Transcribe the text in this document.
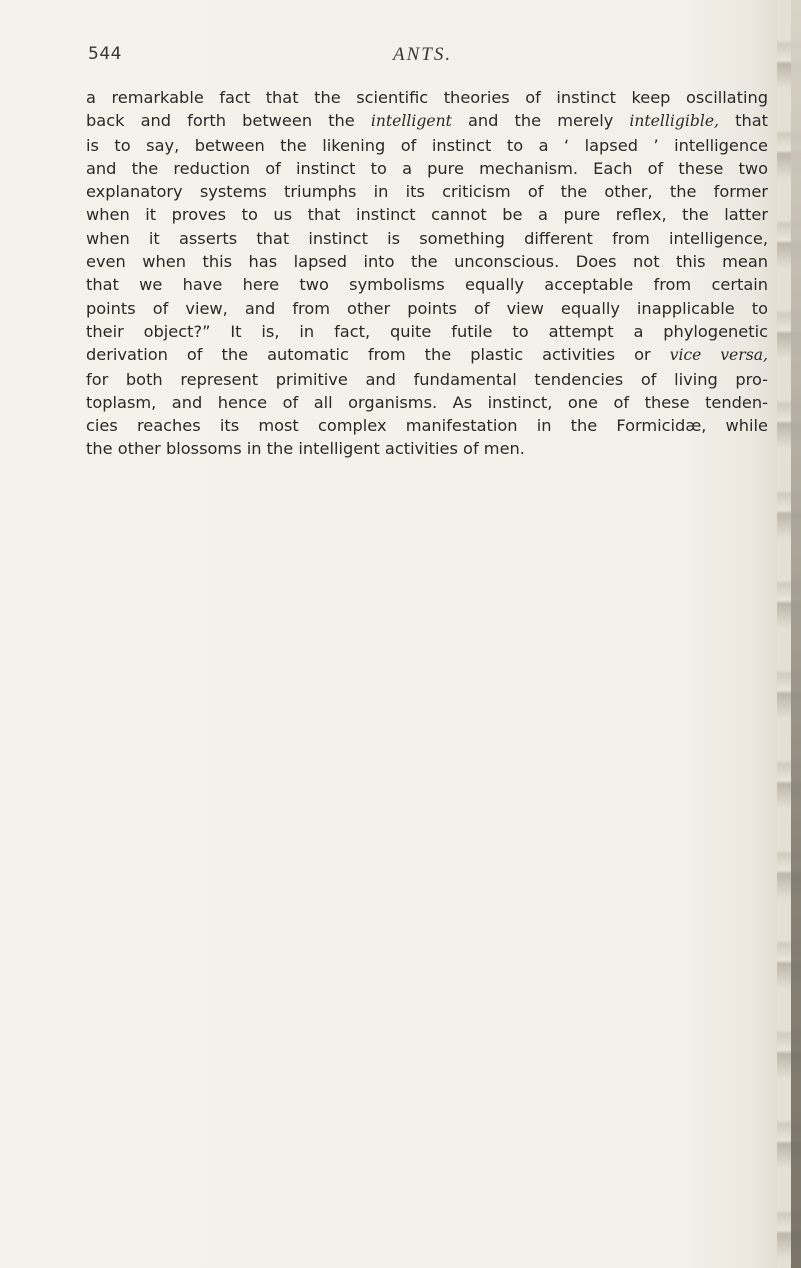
544	ANTS.

a remarkable fact that the scientific theories of instinct keep oscillating
back and forth between the intelligent and the merely intelligible, that
is to say, between the likening of instinct to a ‘ lapsed ’ intelligence
and the reduction of instinct to a pure mechanism. Each of these two
explanatory systems triumphs in its criticism of the other, the former
when it proves to us that instinct cannot be a pure reflex, the latter
when it asserts that instinct is something different from intelligence,
even when this has lapsed into the unconscious. Does not this mean
that we have here two symbolisms equally acceptable from certain
points of view, and from other points of view equally inapplicable to
their object?” It is, in fact, quite futile to attempt a phylogenetic
derivation of the automatic from the plastic activities or vice versa,
for both represent primitive and fundamental tendencies of living pro-
toplasm, and hence of all organisms. As instinct, one of these tenden-
cies reaches its most complex manifestation in the Formicidæ, while
the other blossoms in the intelligent activities of men.
